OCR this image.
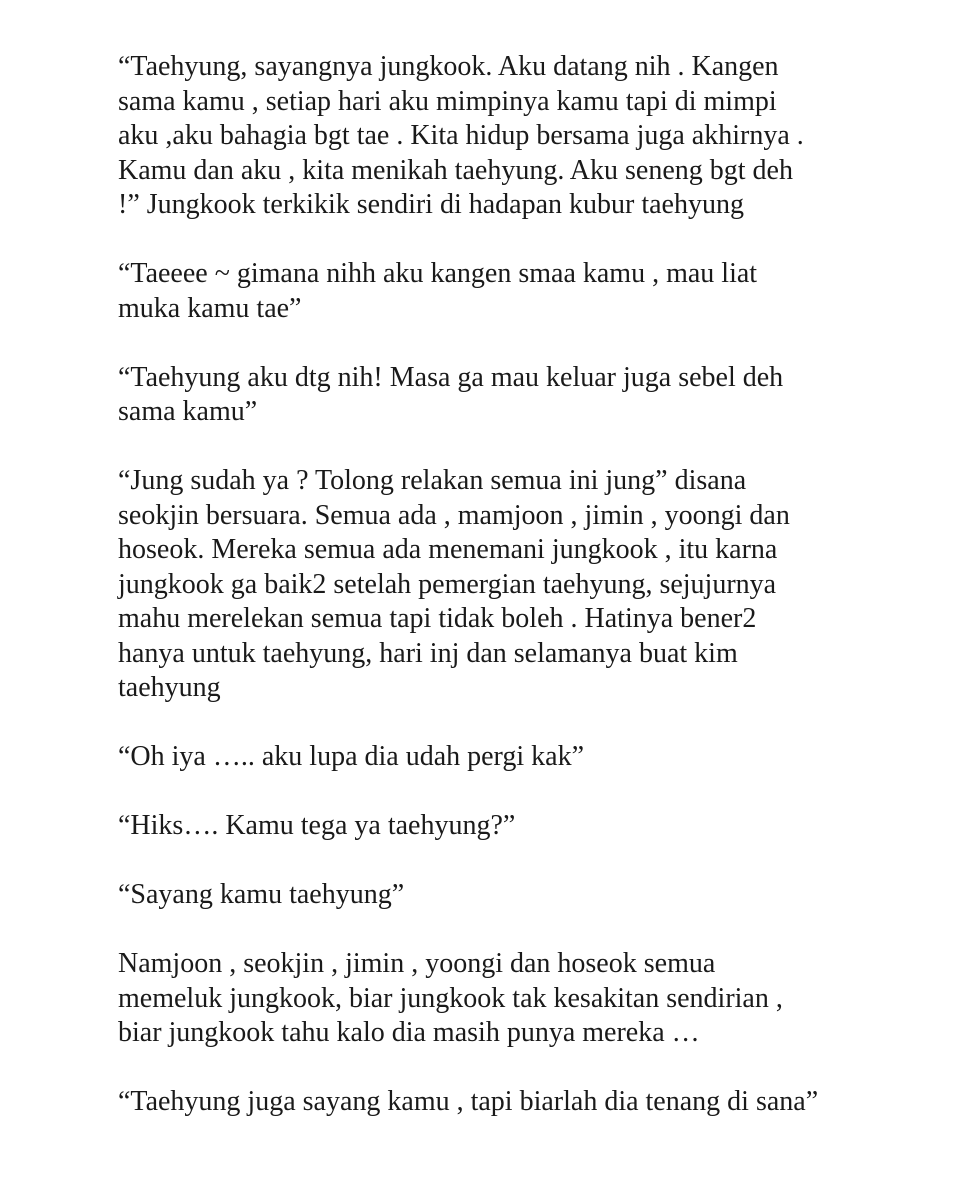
“Taehyung, sayangnya jungkook. Aku datang nih . Kangen
sama kamu , setiap hari aku mimpinya kamu tapi di mimpi
aku ,aku bahagia bgt tae . Kita hidup bersama juga akhirnya .
Kamu dan aku , kita menikah taehyung. Aku seneng bgt deh
!” Jungkook terkikik sendiri di hadapan kubur taehyung

“Taeeee ~ gimana nihh aku kangen smaa kamu , mau liat
muka kamu tae”

“Taehyung aku dtg nih! Masa ga mau keluar juga sebel deh
sama kamu”

“Jung sudah ya ? Tolong relakan semua ini jung” disana
seokjin bersuara. Semua ada , mamjoon , jimin , yoongi dan
hoseok. Mereka semua ada menemani jungkook , itu karna
jungkook ga baik2 setelah pemergian taehyung, sejujurnya
mahu merelekan semua tapi tidak boleh . Hatinya bener2
hanya untuk taehyung, hari inj dan selamanya buat kim
taehyung

“Oh iya ….. aku lupa dia udah pergi kak”

“Hiks…. Kamu tega ya taehyung?”

“Sayang kamu taehyung”

Namjoon , seokjin , jimin , yoongi dan hoseok semua
memeluk jungkook, biar jungkook tak kesakitan sendirian ,
biar jungkook tahu kalo dia masih punya mereka …

“Taehyung juga sayang kamu , tapi biarlah dia tenang di sana”
